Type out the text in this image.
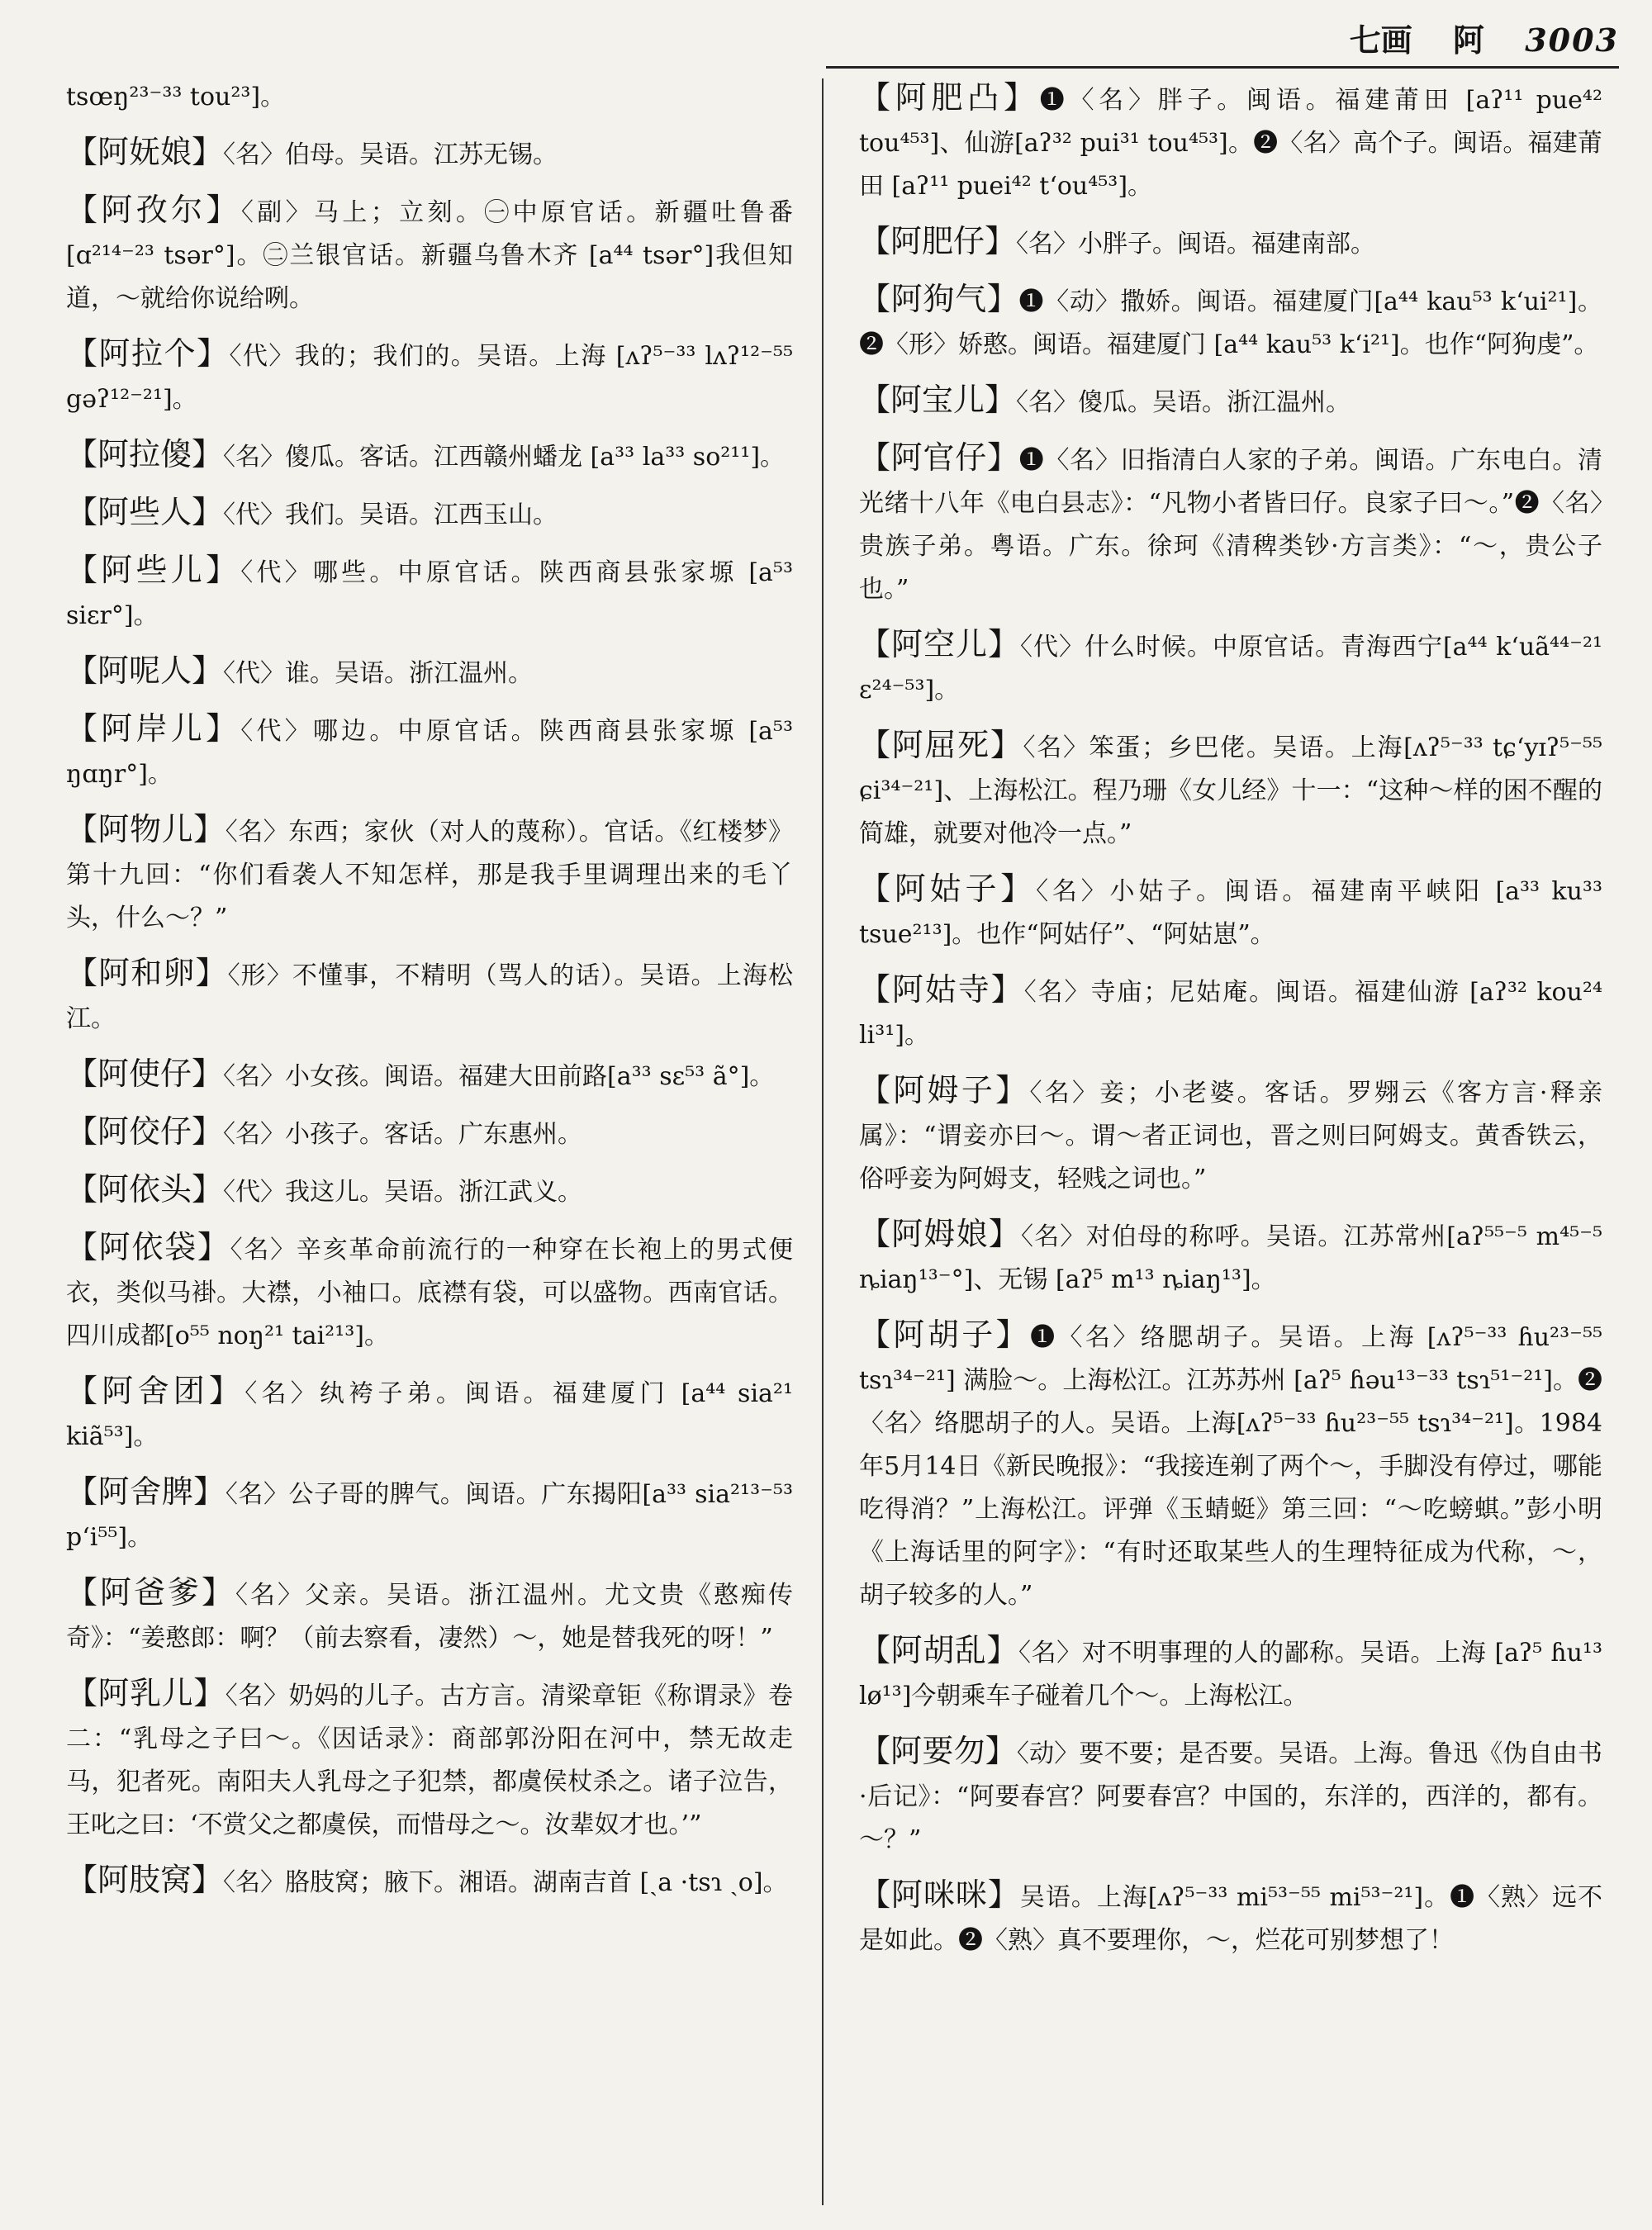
七画 阿 3003

tsœŋ²³⁻³³ tou²³]。

【阿妩娘】〈名〉伯母。吴语。江苏无锡。

【阿孜尔】〈副〉马上；立刻。㊀中原官话。新疆吐鲁番[ɑ²¹⁴⁻²³ tsər°]。㊁兰银官话。新疆乌鲁木齐 [a⁴⁴ tsər°]我但知道，～就给你说给咧。

【阿拉个】〈代〉我的；我们的。吴语。上海 [ʌʔ⁵⁻³³ lʌʔ¹²⁻⁵⁵ gəʔ¹²⁻²¹]。

【阿拉傻】〈名〉傻瓜。客话。江西赣州蟠龙 [a³³ la³³ so²¹¹]。

【阿些人】〈代〉我们。吴语。江西玉山。

【阿些儿】〈代〉哪些。中原官话。陕西商县张家塬 [a⁵³ siɛr°]。

【阿呢人】〈代〉谁。吴语。浙江温州。

【阿岸儿】〈代〉哪边。中原官话。陕西商县张家塬 [a⁵³ ŋɑŋr°]。

【阿物儿】〈名〉东西；家伙（对人的蔑称）。官话。《红楼梦》第十九回：“你们看袭人不知怎样，那是我手里调理出来的毛丫头，什么～？”

【阿和卵】〈形〉不懂事，不精明（骂人的话）。吴语。上海松江。

【阿使仔】〈名〉小女孩。闽语。福建大田前路[a³³ sɛ⁵³ ã°]。

【阿佼仔】〈名〉小孩子。客话。广东惠州。

【阿依头】〈代〉我这儿。吴语。浙江武义。

【阿依袋】〈名〉辛亥革命前流行的一种穿在长袍上的男式便衣，类似马褂。大襟，小袖口。底襟有袋，可以盛物。西南官话。四川成都[o⁵⁵ noŋ²¹ tai²¹³]。

【阿舍团】〈名〉纨袴子弟。闽语。福建厦门 [a⁴⁴ sia²¹ kiã⁵³]。

【阿舍脾】〈名〉公子哥的脾气。闽语。广东揭阳[a³³ sia²¹³⁻⁵³ p‘i⁵⁵]。

【阿爸爹】〈名〉父亲。吴语。浙江温州。尤文贵《憨痴传奇》：“姜憨郎：啊？（前去察看，凄然）～，她是替我死的呀！”

【阿乳儿】〈名〉奶妈的儿子。古方言。清梁章钜《称谓录》卷二：“乳母之子曰～。《因话录》：商部郭汾阳在河中，禁无故走马，犯者死。南阳夫人乳母之子犯禁，都虞侯杖杀之。诸子泣告，王叱之曰：‘不赏父之都虞侯，而惜母之～。汝辈奴才也。’”

【阿肢窝】〈名〉胳肢窝；腋下。湘语。湖南吉首 [ˏa ·tsɿ ˏo]。

【阿肥凸】❶〈名〉胖子。闽语。福建莆田 [aʔ¹¹ pue⁴² tou⁴⁵³]、仙游[aʔ³² pui³¹ tou⁴⁵³]。❷〈名〉高个子。闽语。福建莆田 [aʔ¹¹ puei⁴² t‘ou⁴⁵³]。

【阿肥仔】〈名〉小胖子。闽语。福建南部。

【阿狗气】❶〈动〉撒娇。闽语。福建厦门[a⁴⁴ kau⁵³ k‘ui²¹]。❷〈形〉娇憨。闽语。福建厦门 [a⁴⁴ kau⁵³ k‘i²¹]。也作“阿狗虔”。

【阿宝儿】〈名〉傻瓜。吴语。浙江温州。

【阿官仔】❶〈名〉旧指清白人家的子弟。闽语。广东电白。清光绪十八年《电白县志》：“凡物小者皆曰仔。良家子曰～。”❷〈名〉贵族子弟。粤语。广东。徐珂《清稗类钞·方言类》：“～，贵公子也。”

【阿空儿】〈代〉什么时候。中原官话。青海西宁[a⁴⁴ k‘uã⁴⁴⁻²¹ ɛ²⁴⁻⁵³]。

【阿屈死】〈名〉笨蛋；乡巴佬。吴语。上海[ʌʔ⁵⁻³³ tɕ‘yɪʔ⁵⁻⁵⁵ ɕi³⁴⁻²¹]、上海松江。程乃珊《女儿经》十一：“这种～样的困不醒的简雄，就要对他冷一点。”

【阿姑子】〈名〉小姑子。闽语。福建南平峡阳 [a³³ ku³³ tsue²¹³]。也作“阿姑仔”、“阿姑崽”。

【阿姑寺】〈名〉寺庙；尼姑庵。闽语。福建仙游 [aʔ³² kou²⁴ li³¹]。

【阿姆子】〈名〉妾；小老婆。客话。罗翙云《客方言·释亲属》：“谓妾亦曰～。谓～者正词也，晋之则曰阿姆支。黄香铁云，俗呼妾为阿姆支，轻贱之词也。”

【阿姆娘】〈名〉对伯母的称呼。吴语。江苏常州[aʔ⁵⁵⁻⁵ m⁴⁵⁻⁵ ȵiaŋ¹³⁻°]、无锡 [aʔ⁵ m¹³ ȵiaŋ¹³]。

【阿胡子】❶〈名〉络腮胡子。吴语。上海 [ʌʔ⁵⁻³³ ɦu²³⁻⁵⁵ tsɿ³⁴⁻²¹] 满脸～。上海松江。江苏苏州 [aʔ⁵ ɦəu¹³⁻³³ tsɿ⁵¹⁻²¹]。❷〈名〉络腮胡子的人。吴语。上海[ʌʔ⁵⁻³³ ɦu²³⁻⁵⁵ tsɿ³⁴⁻²¹]。1984年5月14日《新民晚报》：“我接连剃了两个～，手脚没有停过，哪能吃得消？”上海松江。评弹《玉蜻蜓》第三回：“～吃螃蜞。”彭小明《上海话里的阿字》：“有时还取某些人的生理特征成为代称，～，胡子较多的人。”

【阿胡乱】〈名〉对不明事理的人的鄙称。吴语。上海 [aʔ⁵ ɦu¹³ lø¹³]今朝乘车子碰着几个～。上海松江。

【阿要勿】〈动〉要不要；是否要。吴语。上海。鲁迅《伪自由书·后记》：“阿要春宫？阿要春宫？中国的，东洋的，西洋的，都有。～？”

【阿咪咪】吴语。上海[ʌʔ⁵⁻³³ mi⁵³⁻⁵⁵ mi⁵³⁻²¹]。❶〈熟〉远不是如此。❷〈熟〉真不要理你，～，烂花可别梦想了！
